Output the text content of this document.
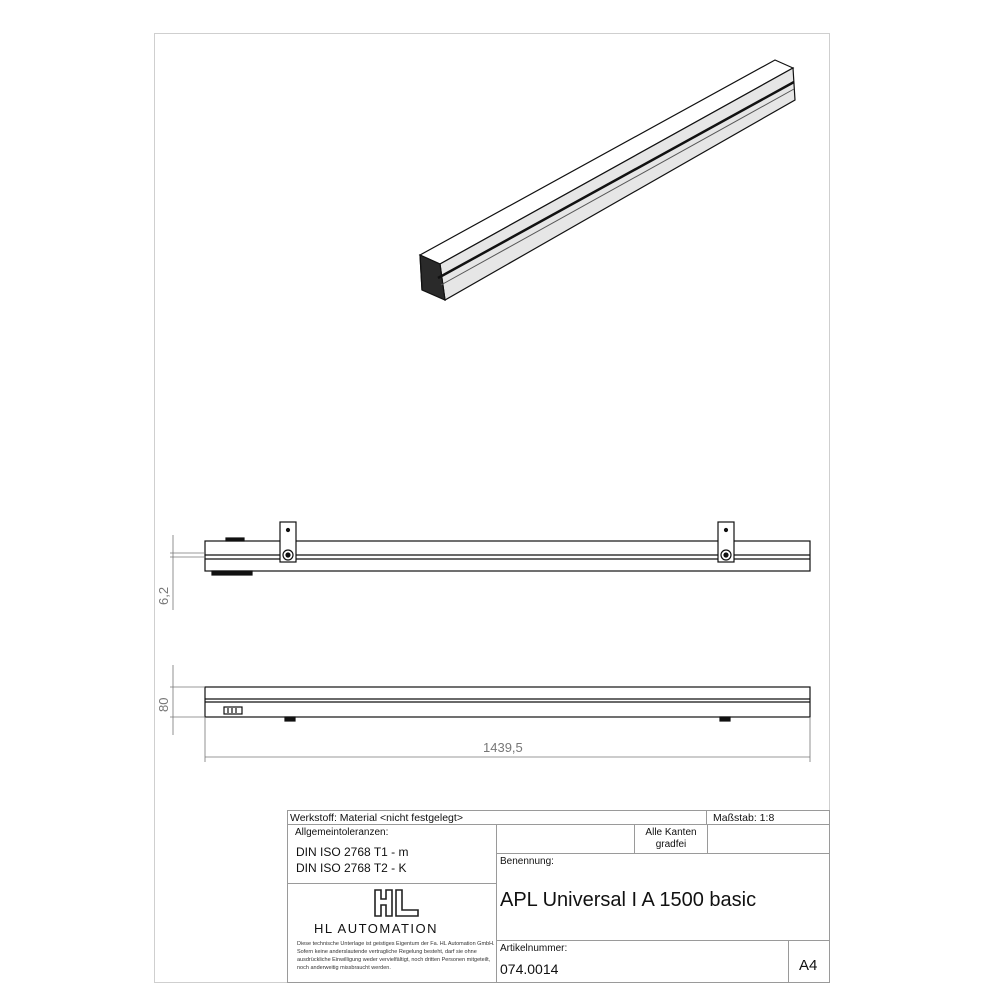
6,2
80
1439,5
Werkstoff: Material <nicht festgelegt>	Maßstab: 1:8
Allgemeintoleranzen:
DIN ISO 2768 T1 - m
DIN ISO 2768 T2 - K
HL AUTOMATION
Diese technische Unterlage ist geistiges Eigentum der Fa. HL Automation GmbH.
Sofern keine anderslautende vertragliche Regelung besteht, darf sie ohne ausdrückliche Einwilligung weder vervielfältigt, noch dritten Personen mitgeteilt, noch anderweitig missbraucht werden.
Alle Kanten
gradfei
Benennung:
APL Universal I A 1500 basic
Artikelnummer:
074.0014	A4
